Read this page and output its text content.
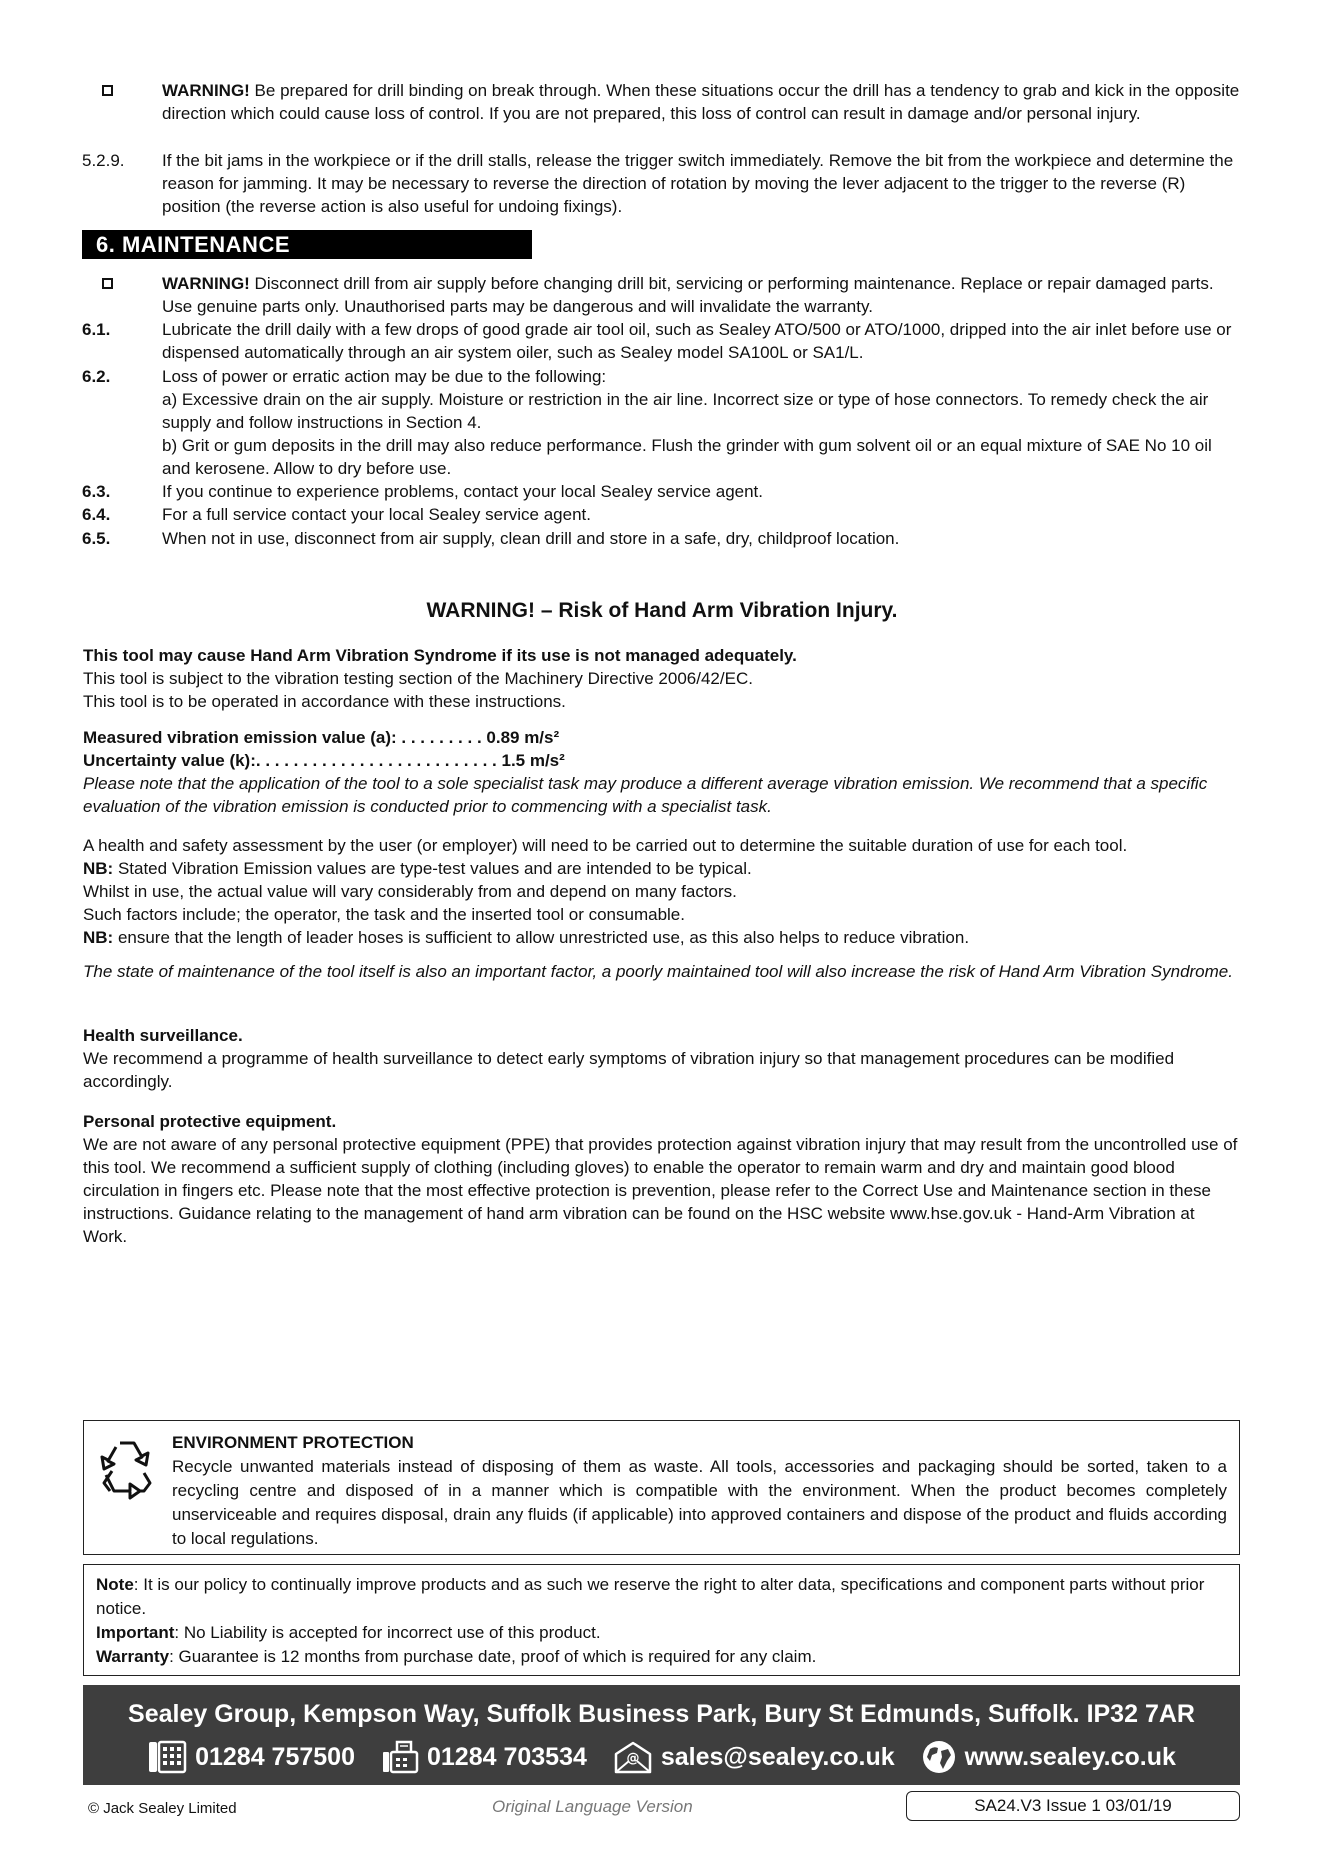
WARNING! Be prepared for drill binding on break through. When these situations occur the drill has a tendency to grab and kick in the opposite direction which could cause loss of control. If you are not prepared, this loss of control can result in damage and/or personal injury.
5.2.9.	If the bit jams in the workpiece or if the drill stalls, release the trigger switch immediately. Remove the bit from the workpiece and determine the reason for jamming. It may be necessary to reverse the direction of rotation by moving the lever adjacent to the trigger to the reverse (R) position (the reverse action is also useful for undoing fixings).
6. MAINTENANCE
WARNING! Disconnect drill from air supply before changing drill bit, servicing or performing maintenance. Replace or repair damaged parts. Use genuine parts only. Unauthorised parts may be dangerous and will invalidate the warranty.
6.1.	Lubricate the drill daily with a few drops of good grade air tool oil, such as Sealey ATO/500 or ATO/1000, dripped into the air inlet before use or dispensed automatically through an air system oiler, such as Sealey model SA100L or SA1/L.
6.2.	Loss of power or erratic action may be due to the following:
a) Excessive drain on the air supply. Moisture or restriction in the air line. Incorrect size or type of hose connectors. To remedy check the air supply and follow instructions in Section 4.
b) Grit or gum deposits in the drill may also reduce performance. Flush the grinder with gum solvent oil or an equal mixture of SAE No 10 oil and kerosene. Allow to dry before use.
6.3.	If you continue to experience problems, contact your local Sealey service agent.
6.4.	For a full service contact your local Sealey service agent.
6.5.	When not in use, disconnect from air supply, clean drill and store in a safe, dry, childproof location.
WARNING! – Risk of Hand Arm Vibration Injury.

This tool may cause Hand Arm Vibration Syndrome if its use is not managed adequately.

This tool is subject to the vibration testing section of the Machinery Directive 2006/42/EC.

This tool is to be operated in accordance with these instructions.

Measured vibration emission value (a): . . . . . . . . . 0.89 m/s²

Uncertainty value (k):. . . . . . . . . . . . . . . . . . . . . . . . . . 1.5 m/s²

Please note that the application of the tool to a sole specialist task may produce a different average vibration emission. We recommend that a specific evaluation of the vibration emission is conducted prior to commencing with a specialist task.

A health and safety assessment by the user (or employer) will need to be carried out to determine the suitable duration of use for each tool.

NB: Stated Vibration Emission values are type-test values and are intended to be typical.

Whilst in use, the actual value will vary considerably from and depend on many factors.

Such factors include; the operator, the task and the inserted tool or consumable.

NB: ensure that the length of leader hoses is sufficient to allow unrestricted use, as this also helps to reduce vibration.

The state of maintenance of the tool itself is also an important factor, a poorly maintained tool will also increase the risk of Hand Arm Vibration Syndrome.

Health surveillance.

We recommend a programme of health surveillance to detect early symptoms of vibration injury so that management procedures can be modified accordingly.

Personal protective equipment.

We are not aware of any personal protective equipment (PPE) that provides protection against vibration injury that may result from the uncontrolled use of this tool. We recommend a sufficient supply of clothing (including gloves) to enable the operator to remain warm and dry and maintain good blood circulation in fingers etc. Please note that the most effective protection is prevention, please refer to the Correct Use and Maintenance section in these instructions. Guidance relating to the management of hand arm vibration can be found on the HSC website www.hse.gov.uk - Hand-Arm Vibration at Work.

ENVIRONMENT PROTECTION
Recycle unwanted materials instead of disposing of them as waste. All tools, accessories and packaging should be sorted, taken to a recycling centre and disposed of in a manner which is compatible with the environment. When the product becomes completely unserviceable and requires disposal, drain any fluids (if applicable) into approved containers and dispose of the product and fluids according to local regulations.
Note: It is our policy to continually improve products and as such we reserve the right to alter data, specifications and component parts without prior notice.
Important: No Liability is accepted for incorrect use of this product.
Warranty: Guarantee is 12 months from purchase date, proof of which is required for any claim.
Sealey Group, Kempson Way, Suffolk Business Park, Bury St Edmunds, Suffolk. IP32 7AR
01284 757500	01284 703534	@ sales@sealey.co.uk	www.sealey.co.uk
© Jack Sealey Limited	Original Language Version	SA24.V3 Issue 1 03/01/19
